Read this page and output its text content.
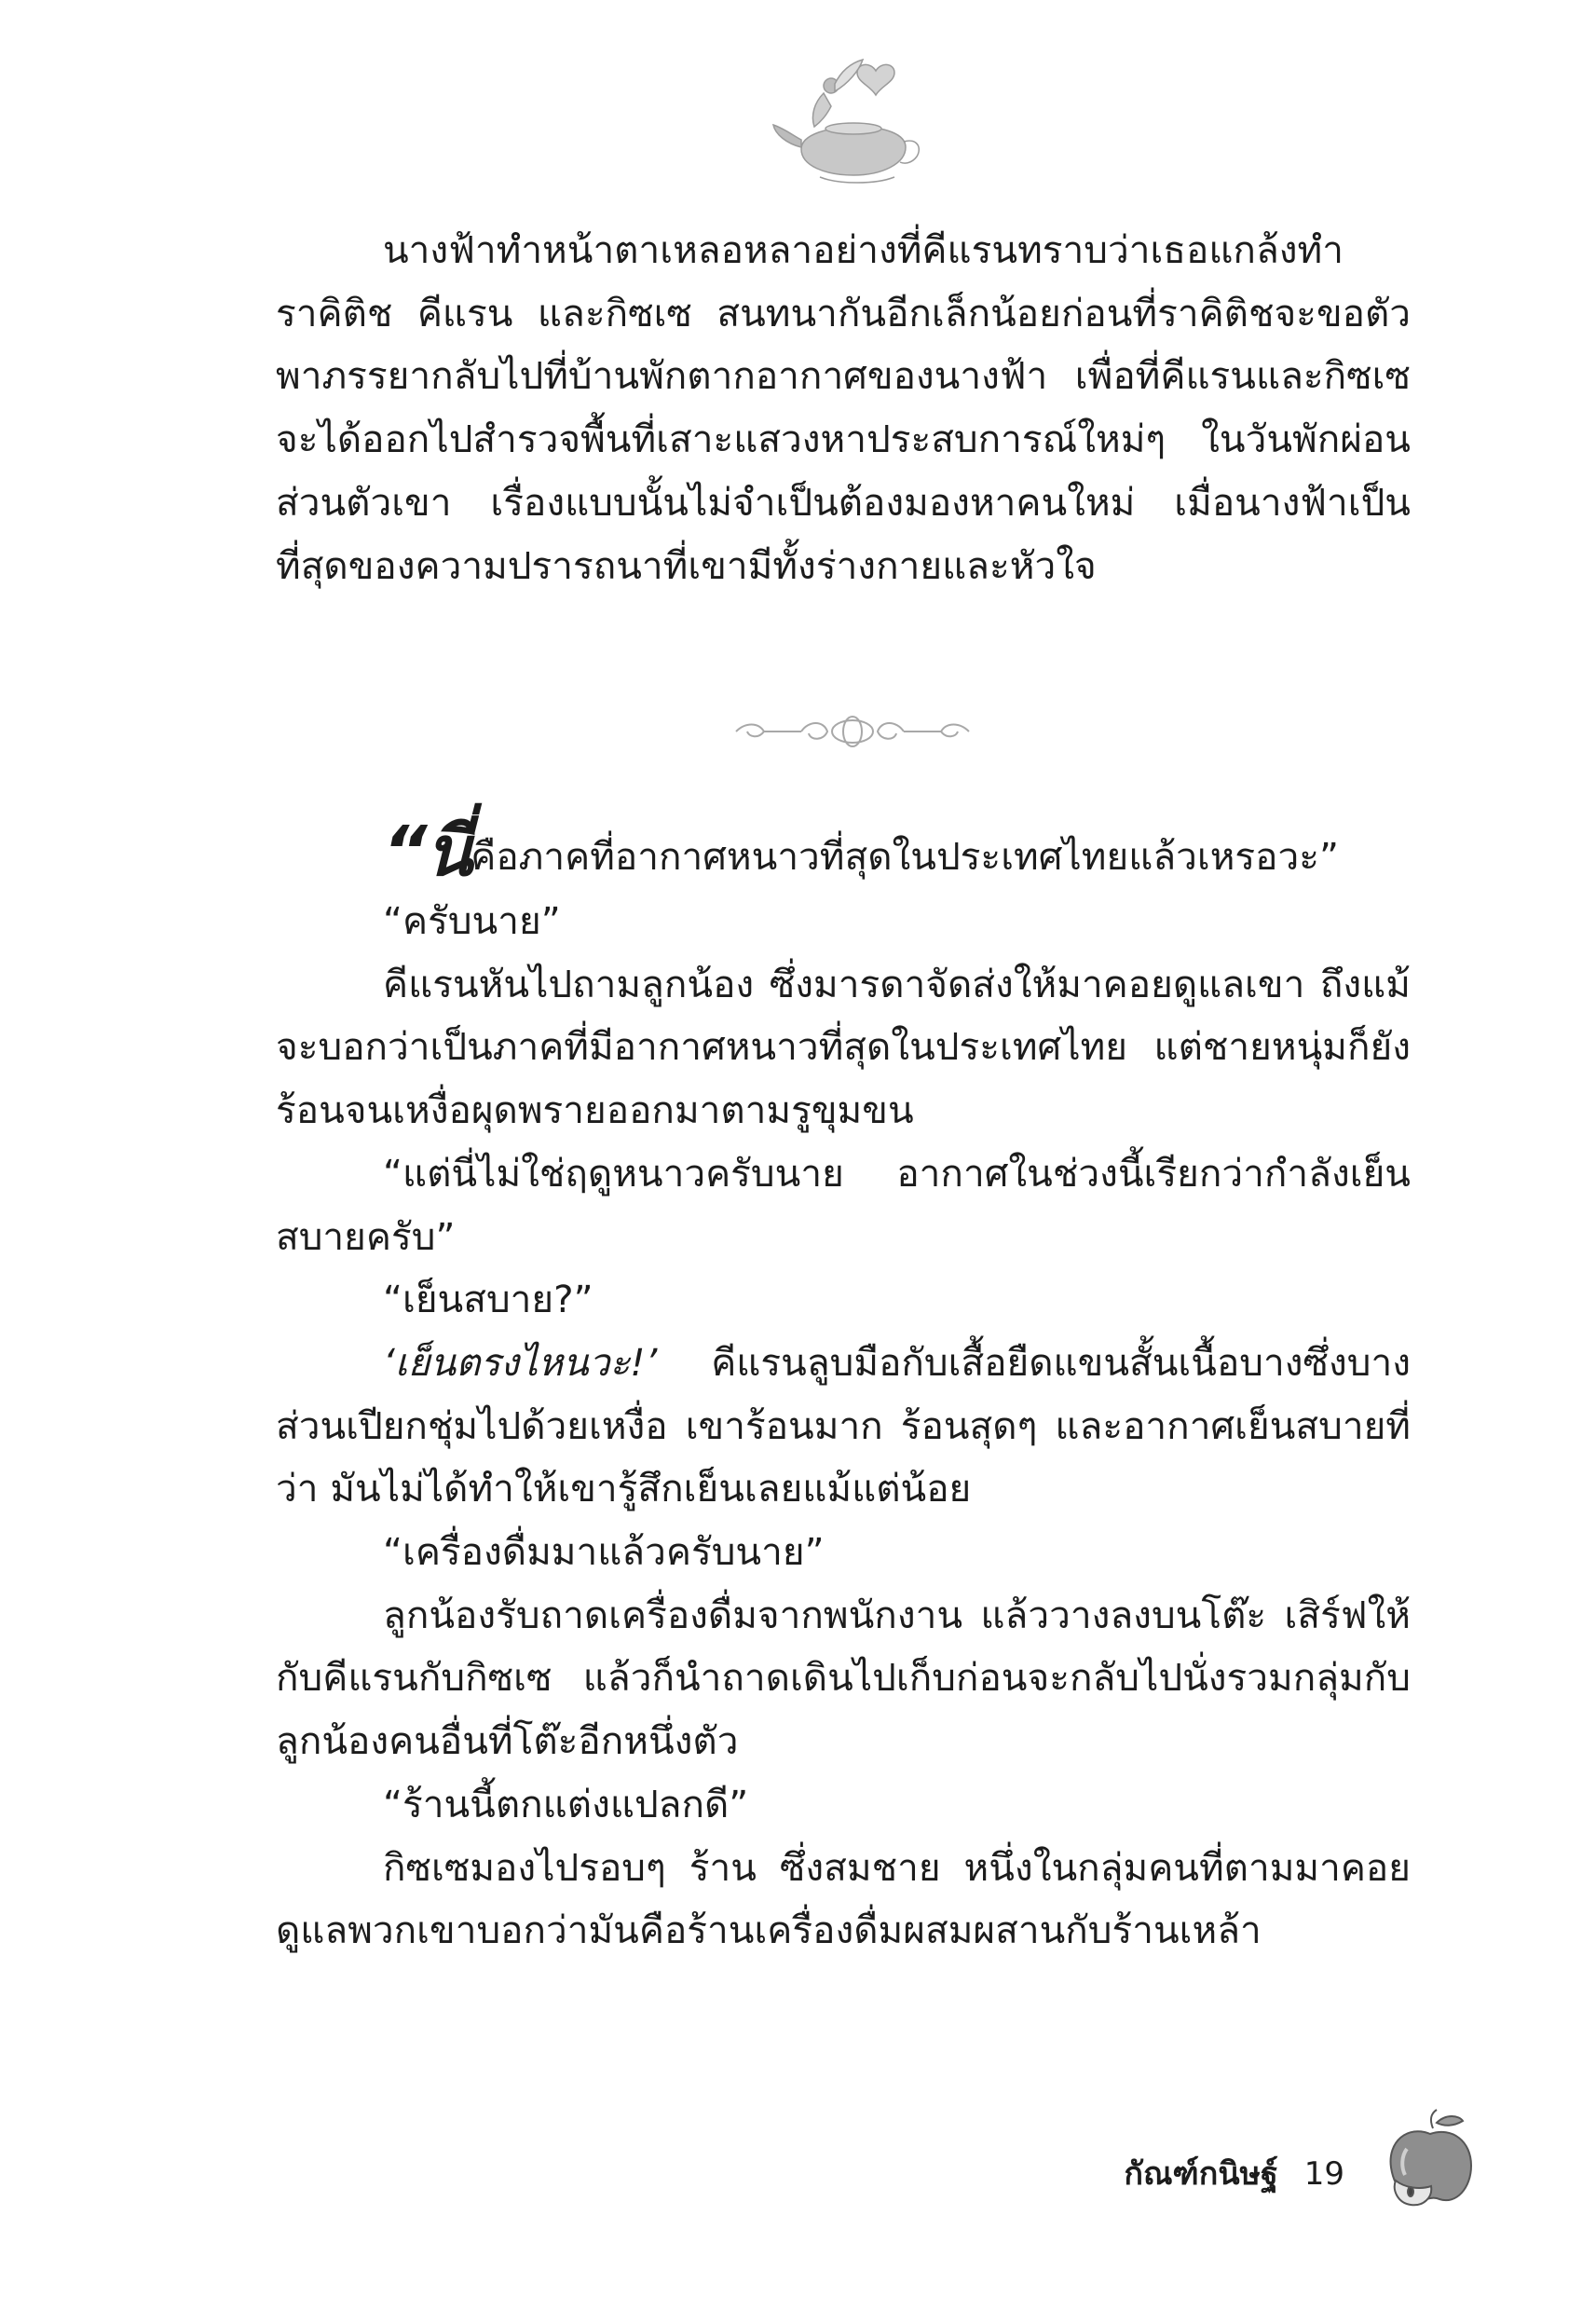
นางฟ้าทำหน้าตาเหลอหลาอย่างที่คีแรนทราบว่าเธอแกล้งทำ ราคิติช คีแรน และกิซเซ สนทนากันอีกเล็กน้อยก่อนที่ราคิติชจะขอตัวพาภรรยากลับไปที่บ้านพักตากอากาศของนางฟ้า เพื่อที่คีแรนและกิซเซจะได้ออกไปสำรวจพื้นที่เสาะแสวงหาประสบการณ์ใหม่ๆ ในวันพักผ่อน ส่วนตัวเขา เรื่องแบบนั้นไม่จำเป็นต้องมองหาคนใหม่ เมื่อนางฟ้าเป็นที่สุดของความปรารถนาที่เขามีทั้งร่างกายและหัวใจ
“นี่คือภาคที่อากาศหนาวที่สุดในประเทศไทยแล้วเหรอวะ”
“ครับนาย”
คีแรนหันไปถามลูกน้อง ซึ่งมารดาจัดส่งให้มาคอยดูแลเขา ถึงแม้จะบอกว่าเป็นภาคที่มีอากาศหนาวที่สุดในประเทศไทย แต่ชายหนุ่มก็ยังร้อนจนเหงื่อผุดพรายออกมาตามรูขุมขน
“แต่นี่ไม่ใช่ฤดูหนาวครับนาย อากาศในช่วงนี้เรียกว่ากำลังเย็นสบายครับ”
“เย็นสบาย?”
‘เย็นตรงไหนวะ!’ คีแรนลูบมือกับเสื้อยืดแขนสั้นเนื้อบางซึ่งบางส่วนเปียกชุ่มไปด้วยเหงื่อ เขาร้อนมาก ร้อนสุดๆ และอากาศเย็นสบายที่ว่า มันไม่ได้ทำให้เขารู้สึกเย็นเลยแม้แต่น้อย
“เครื่องดื่มมาแล้วครับนาย”
ลูกน้องรับถาดเครื่องดื่มจากพนักงาน แล้ววางลงบนโต๊ะ เสิร์ฟให้กับคีแรนกับกิซเซ แล้วก็นำถาดเดินไปเก็บก่อนจะกลับไปนั่งรวมกลุ่มกับลูกน้องคนอื่นที่โต๊ะอีกหนึ่งตัว
“ร้านนี้ตกแต่งแปลกดี”
กิซเซมองไปรอบๆ ร้าน ซึ่งสมชาย หนึ่งในกลุ่มคนที่ตามมาคอยดูแลพวกเขาบอกว่ามันคือร้านเครื่องดื่มผสมผสานกับร้านเหล้า
กัณฑ์กนิษฐ์ 19
